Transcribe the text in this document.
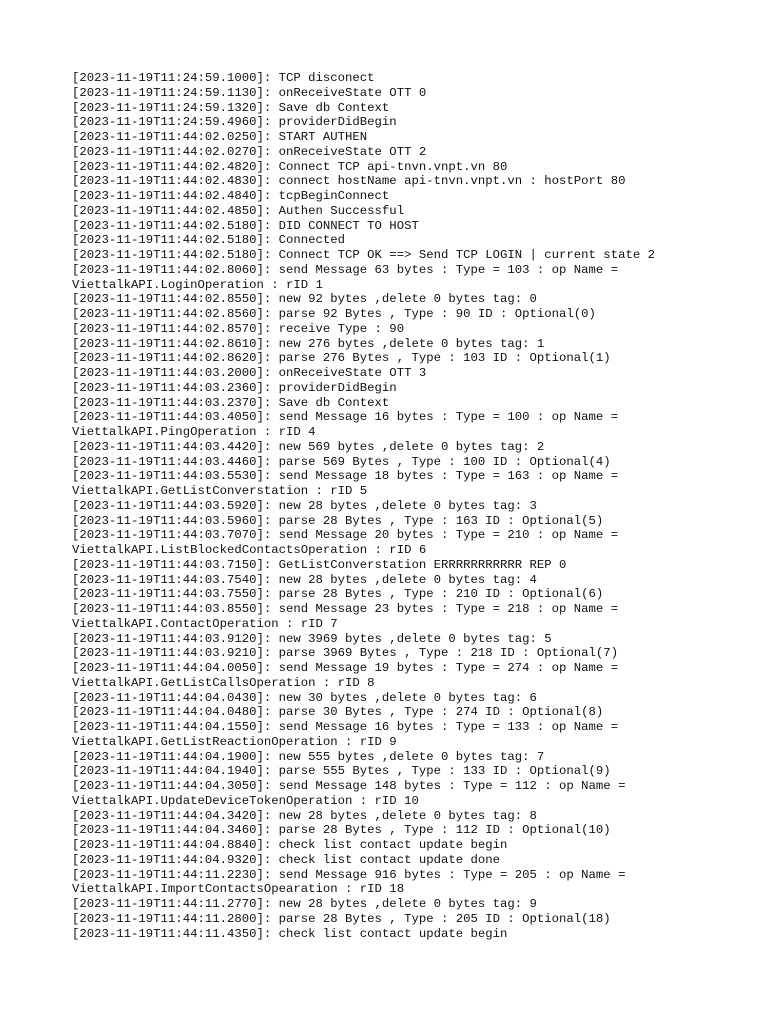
[2023-11-19T11:24:59.1000]: TCP disconect
[2023-11-19T11:24:59.1130]: onReceiveState OTT 0
[2023-11-19T11:24:59.1320]: Save db Context
[2023-11-19T11:24:59.4960]: providerDidBegin
[2023-11-19T11:44:02.0250]: START AUTHEN
[2023-11-19T11:44:02.0270]: onReceiveState OTT 2
[2023-11-19T11:44:02.4820]: Connect TCP api-tnvn.vnpt.vn 80
[2023-11-19T11:44:02.4830]: connect hostName api-tnvn.vnpt.vn : hostPort 80
[2023-11-19T11:44:02.4840]: tcpBeginConnect
[2023-11-19T11:44:02.4850]: Authen Successful
[2023-11-19T11:44:02.5180]: DID CONNECT TO HOST
[2023-11-19T11:44:02.5180]: Connected
[2023-11-19T11:44:02.5180]: Connect TCP OK ==> Send TCP LOGIN | current state 2
[2023-11-19T11:44:02.8060]: send Message 63 bytes : Type = 103 : op Name =
ViettalkAPI.LoginOperation : rID 1
[2023-11-19T11:44:02.8550]: new 92 bytes ,delete 0 bytes tag: 0
[2023-11-19T11:44:02.8560]: parse 92 Bytes , Type : 90 ID : Optional(0)
[2023-11-19T11:44:02.8570]: receive Type : 90
[2023-11-19T11:44:02.8610]: new 276 bytes ,delete 0 bytes tag: 1
[2023-11-19T11:44:02.8620]: parse 276 Bytes , Type : 103 ID : Optional(1)
[2023-11-19T11:44:03.2000]: onReceiveState OTT 3
[2023-11-19T11:44:03.2360]: providerDidBegin
[2023-11-19T11:44:03.2370]: Save db Context
[2023-11-19T11:44:03.4050]: send Message 16 bytes : Type = 100 : op Name =
ViettalkAPI.PingOperation : rID 4
[2023-11-19T11:44:03.4420]: new 569 bytes ,delete 0 bytes tag: 2
[2023-11-19T11:44:03.4460]: parse 569 Bytes , Type : 100 ID : Optional(4)
[2023-11-19T11:44:03.5530]: send Message 18 bytes : Type = 163 : op Name =
ViettalkAPI.GetListConverstation : rID 5
[2023-11-19T11:44:03.5920]: new 28 bytes ,delete 0 bytes tag: 3
[2023-11-19T11:44:03.5960]: parse 28 Bytes , Type : 163 ID : Optional(5)
[2023-11-19T11:44:03.7070]: send Message 20 bytes : Type = 210 : op Name =
ViettalkAPI.ListBlockedContactsOperation : rID 6
[2023-11-19T11:44:03.7150]: GetListConverstation ERRRRRRRRRRR REP 0
[2023-11-19T11:44:03.7540]: new 28 bytes ,delete 0 bytes tag: 4
[2023-11-19T11:44:03.7550]: parse 28 Bytes , Type : 210 ID : Optional(6)
[2023-11-19T11:44:03.8550]: send Message 23 bytes : Type = 218 : op Name =
ViettalkAPI.ContactOperation : rID 7
[2023-11-19T11:44:03.9120]: new 3969 bytes ,delete 0 bytes tag: 5
[2023-11-19T11:44:03.9210]: parse 3969 Bytes , Type : 218 ID : Optional(7)
[2023-11-19T11:44:04.0050]: send Message 19 bytes : Type = 274 : op Name =
ViettalkAPI.GetListCallsOperation : rID 8
[2023-11-19T11:44:04.0430]: new 30 bytes ,delete 0 bytes tag: 6
[2023-11-19T11:44:04.0480]: parse 30 Bytes , Type : 274 ID : Optional(8)
[2023-11-19T11:44:04.1550]: send Message 16 bytes : Type = 133 : op Name =
ViettalkAPI.GetListReactionOperation : rID 9
[2023-11-19T11:44:04.1900]: new 555 bytes ,delete 0 bytes tag: 7
[2023-11-19T11:44:04.1940]: parse 555 Bytes , Type : 133 ID : Optional(9)
[2023-11-19T11:44:04.3050]: send Message 148 bytes : Type = 112 : op Name =
ViettalkAPI.UpdateDeviceTokenOperation : rID 10
[2023-11-19T11:44:04.3420]: new 28 bytes ,delete 0 bytes tag: 8
[2023-11-19T11:44:04.3460]: parse 28 Bytes , Type : 112 ID : Optional(10)
[2023-11-19T11:44:04.8840]: check list contact update begin
[2023-11-19T11:44:04.9320]: check list contact update done
[2023-11-19T11:44:11.2230]: send Message 916 bytes : Type = 205 : op Name =
ViettalkAPI.ImportContactsOpearation : rID 18
[2023-11-19T11:44:11.2770]: new 28 bytes ,delete 0 bytes tag: 9
[2023-11-19T11:44:11.2800]: parse 28 Bytes , Type : 205 ID : Optional(18)
[2023-11-19T11:44:11.4350]: check list contact update begin
